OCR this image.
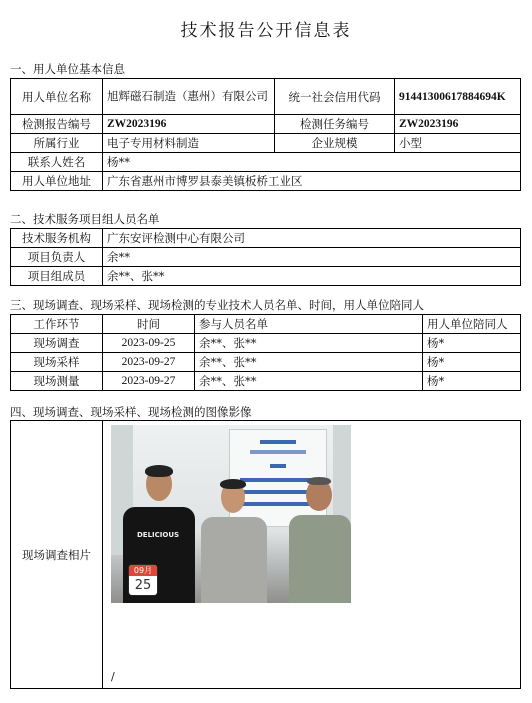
技术报告公开信息表
一、用人单位基本信息
用人单位名称	旭辉磁石制造（惠州）有限公司	统一社会信用代码	91441300617884694K
检测报告编号	ZW2023196	检测任务编号	ZW2023196
所属行业	电子专用材料制造	企业规模	小型
联系人姓名	杨**		
用人单位地址	广东省惠州市博罗县泰美镇板桥工业区		
二、技术服务项目组人员名单
技术服务机构	广东安评检测中心有限公司
项目负责人	余**
项目组成员	余**、张**
三、现场调查、现场采样、现场检测的专业技术人员名单、时间，用人单位陪同人
工作环节	时间	参与人员名单	用人单位陪同人
现场调查	2023-09-25	余**、张**	杨*
现场采样	2023-09-27	余**、张**	杨*
现场测量	2023-09-27	余**、张**	杨*
四、现场调查、现场采样、现场检测的图像影像
现场调查相片	
DELICIOUS
09月
25
/
